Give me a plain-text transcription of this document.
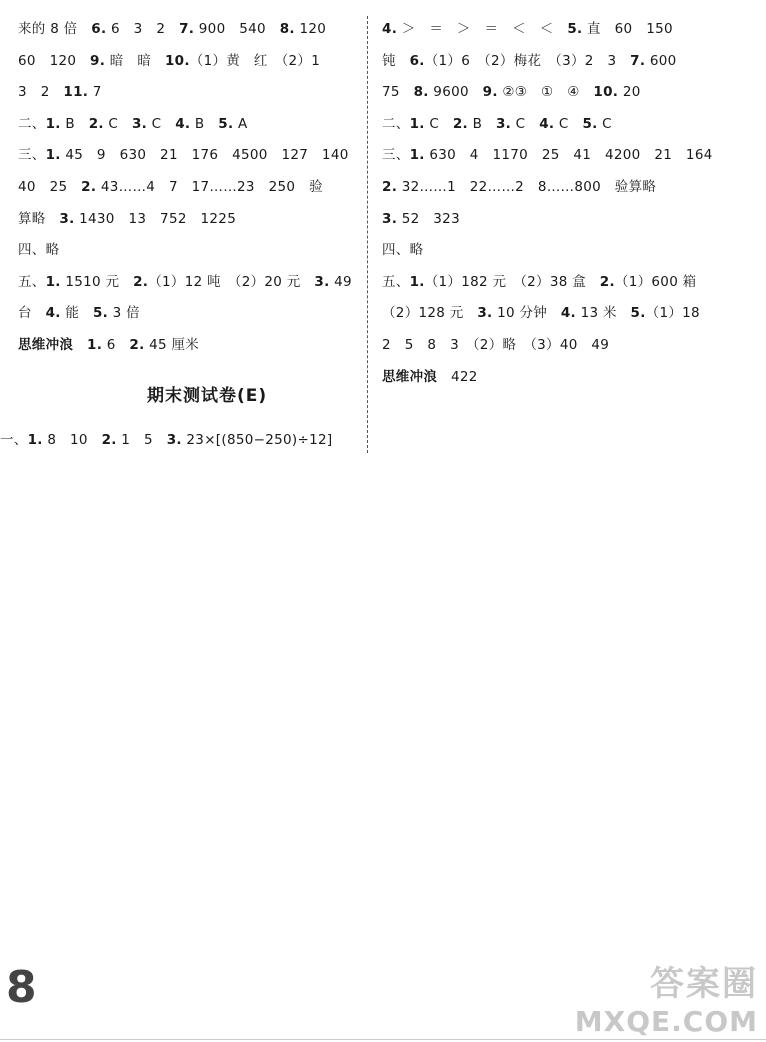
来的 8 倍　6. 6　3　2　7. 900　540　8. 120
60　120　9. 暗　暗　10.（1）黄　红　（2）1
3　2　11. 7
二、1. B　2. C　3. C　4. B　5. A
三、1. 45　9　630　21　176　4500　127　140
40　25　2. 43……4　7　17……23　250　验
算略　3. 1430　13　752　1225
四、略
五、1. 1510 元　2.（1）12 吨　（2）20 元　3. 49
台　4. 能　5. 3 倍
思维冲浪　1. 6　2. 45 厘米
期末测试卷(E)
一、1. 8　10　2. 1　5　3. 23×[(850−250)÷12]
4. ＞　＝　＞　＝　＜　＜　5. 直　60　150
钝　6.（1）6　（2）梅花　（3）2　3　7. 600
75　8. 9600　9. ②③　①　④　10. 20
二、1. C　2. B　3. C　4. C　5. C
三、1. 630　4　1170　25　41　4200　21　164
2. 32……1　22……2　8……800　验算略
3. 52　323
四、略
五、1.（1）182 元　（2）38 盒　2.（1）600 箱
（2）128 元　3. 10 分钟　4. 13 米　5.（1）18
2　5　8　3　（2）略　（3）40　49
思维冲浪　422
8	答案圈
MXQE.COM
